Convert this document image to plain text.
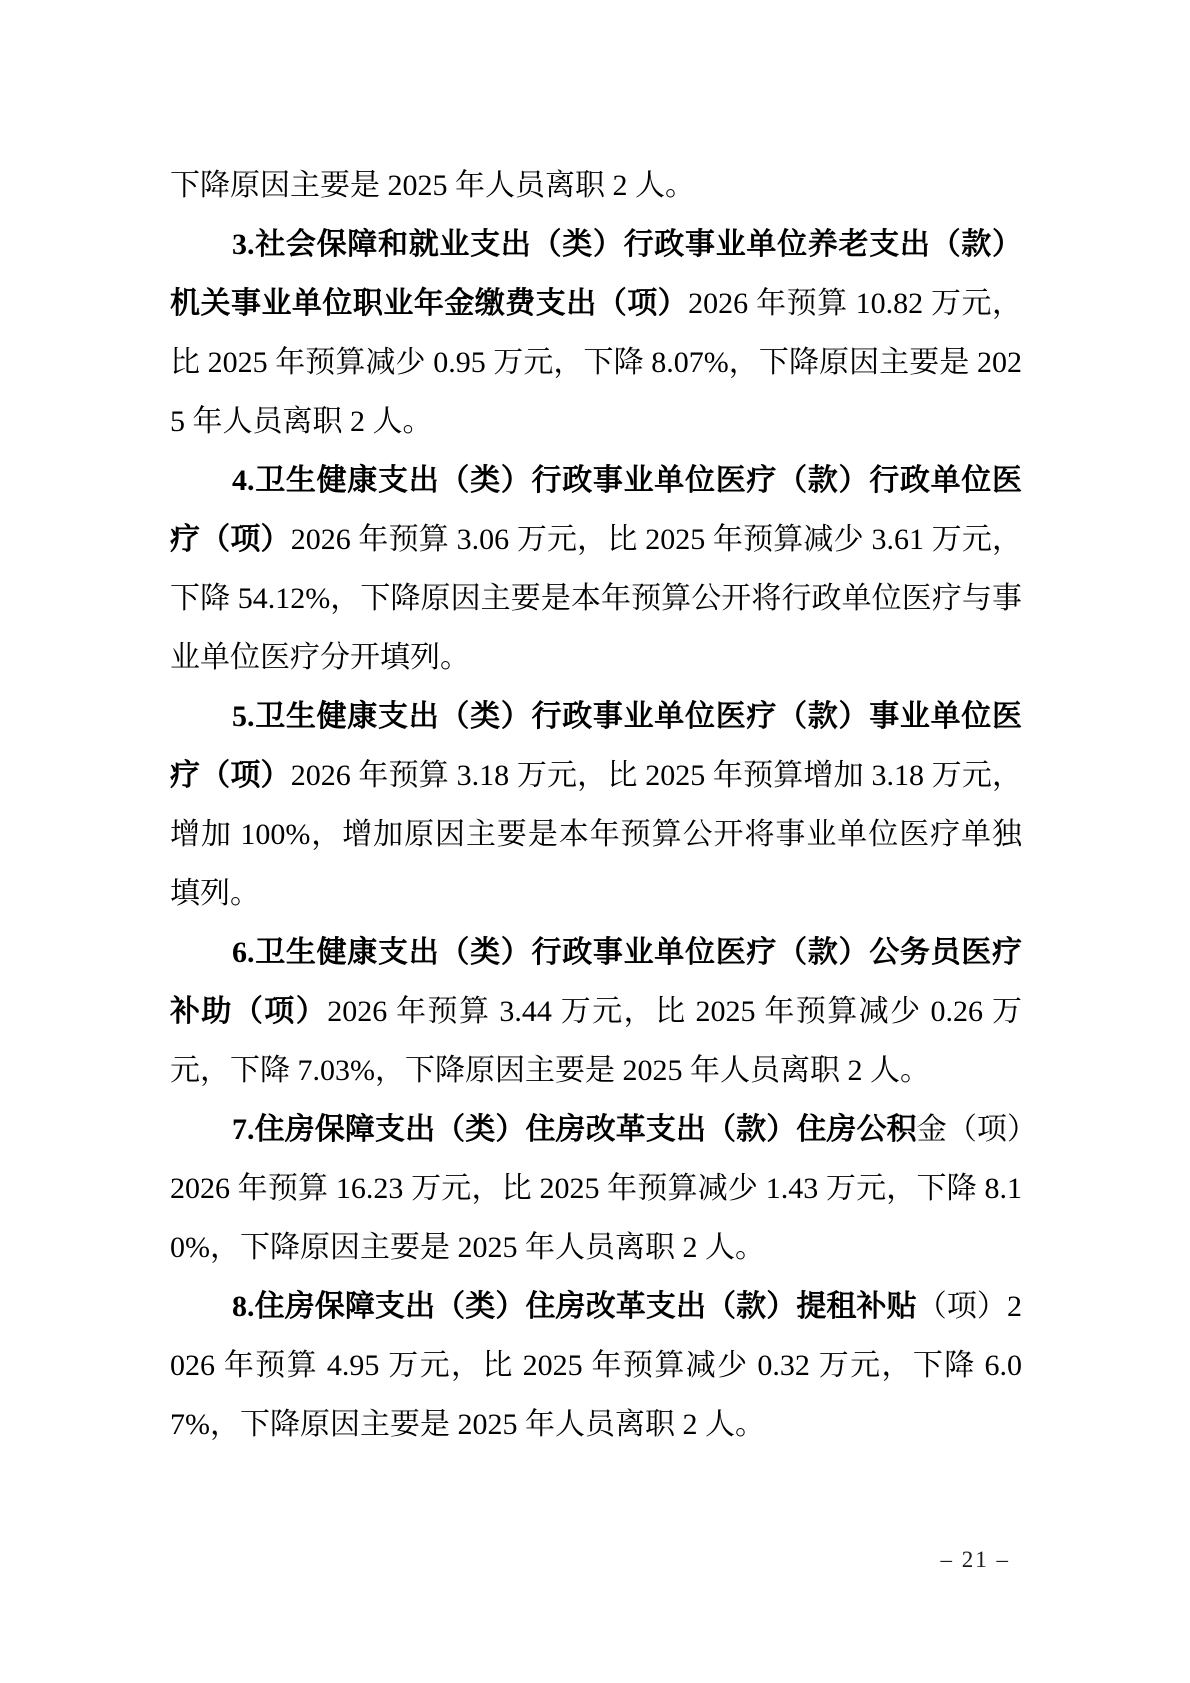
下降原因主要是 2025 年人员离职 2 人。

3.社会保障和就业支出（类）行政事业单位养老支出（款）机关事业单位职业年金缴费支出（项）2026 年预算 10.82 万元，比 2025 年预算减少 0.95 万元，下降 8.07%，下降原因主要是 2025 年人员离职 2 人。

4.卫生健康支出（类）行政事业单位医疗（款）行政单位医疗（项）2026 年预算 3.06 万元，比 2025 年预算减少 3.61 万元，下降 54.12%，下降原因主要是本年预算公开将行政单位医疗与事业单位医疗分开填列。

5.卫生健康支出（类）行政事业单位医疗（款）事业单位医疗（项）2026 年预算 3.18 万元，比 2025 年预算增加 3.18 万元，增加 100%，增加原因主要是本年预算公开将事业单位医疗单独填列。

6.卫生健康支出（类）行政事业单位医疗（款）公务员医疗补助（项）2026 年预算 3.44 万元，比 2025 年预算减少 0.26 万元，下降 7.03%，下降原因主要是 2025 年人员离职 2 人。

7.住房保障支出（类）住房改革支出（款）住房公积金（项）2026 年预算 16.23 万元，比 2025 年预算减少 1.43 万元，下降 8.10%，下降原因主要是 2025 年人员离职 2 人。

8.住房保障支出（类）住房改革支出（款）提租补贴（项）2026 年预算 4.95 万元，比 2025 年预算减少 0.32 万元，下降 6.07%，下降原因主要是 2025 年人员离职 2 人。

– 21 –
